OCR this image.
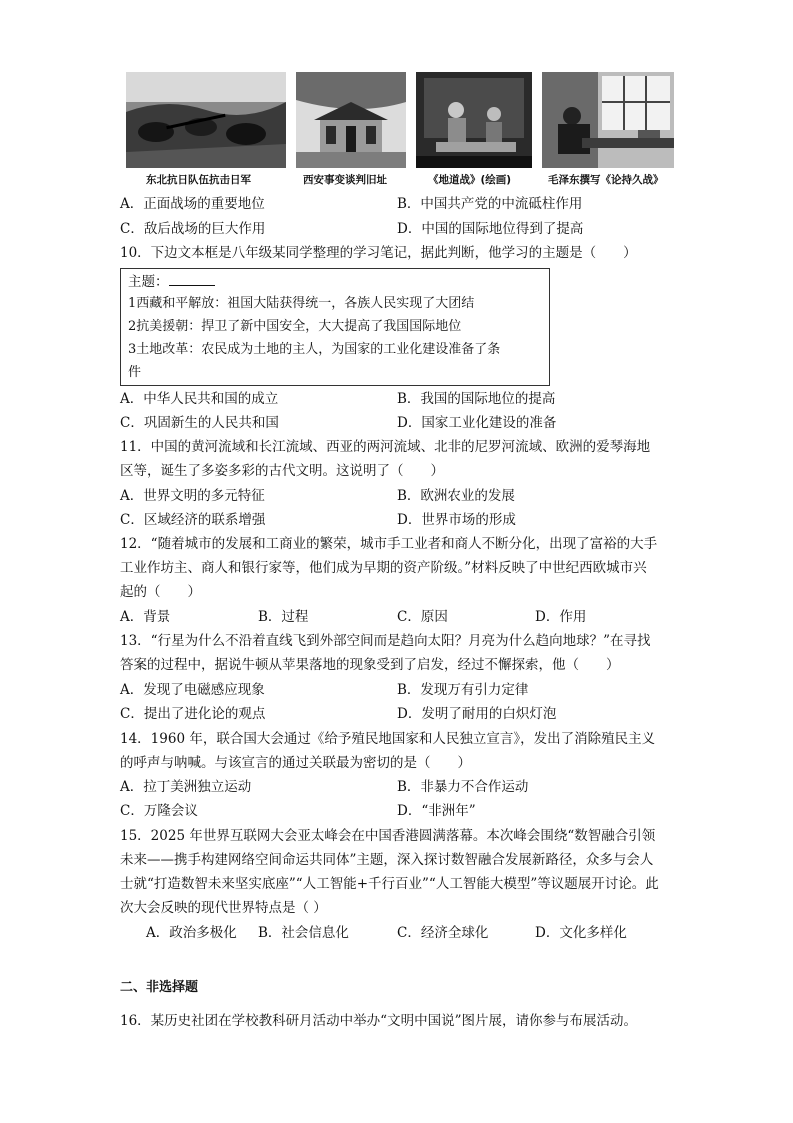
东北抗日队伍抗击日军	西安事变谈判旧址	《地道战》(绘画)	毛泽东撰写《论持久战》
A．正面战场的重要地位	B．中国共产党的中流砥柱作用
C．敌后战场的巨大作用	D．中国的国际地位得到了提高
10．下边文本框是八年级某同学整理的学习笔记，据此判断，他学习的主题是（　　）
主题：
1西藏和平解放：祖国大陆获得统一，各族人民实现了大团结
2抗美援朝：捍卫了新中国安全，大大提高了我国国际地位
3土地改革：农民成为土地的主人，为国家的工业化建设准备了条
件
A．中华人民共和国的成立	B．我国的国际地位的提高
C．巩固新生的人民共和国	D．国家工业化建设的准备
11．中国的黄河流域和长江流域、西亚的两河流域、北非的尼罗河流域、欧洲的爱琴海地
区等，诞生了多姿多彩的古代文明。这说明了（　　）
A．世界文明的多元特征	B．欧洲农业的发展
C．区域经济的联系增强	D．世界市场的形成
12．“随着城市的发展和工商业的繁荣，城市手工业者和商人不断分化，出现了富裕的大手
工业作坊主、商人和银行家等，他们成为早期的资产阶级。”材料反映了中世纪西欧城市兴
起的（　　）
A．背景	B．过程	C．原因	D．作用
13．“行星为什么不沿着直线飞到外部空间而是趋向太阳？月亮为什么趋向地球？”在寻找
答案的过程中，据说牛顿从苹果落地的现象受到了启发，经过不懈探索，他（　　）
A．发现了电磁感应现象	B．发现万有引力定律
C．提出了进化论的观点	D．发明了耐用的白炽灯泡
14．1960 年，联合国大会通过《给予殖民地国家和人民独立宣言》，发出了消除殖民主义
的呼声与呐喊。与该宣言的通过关联最为密切的是（　　）
A．拉丁美洲独立运动	B．非暴力不合作运动
C．万隆会议	D．“非洲年”
15．2025 年世界互联网大会亚太峰会在中国香港圆满落幕。本次峰会围绕“数智融合引领
未来——携手构建网络空间命运共同体”主题，深入探讨数智融合发展新路径，众多与会人
士就“打造数智未来坚实底座”“人工智能+千行百业”“人工智能大模型”等议题展开讨论。此
次大会反映的现代世界特点是（ ）
A．政治多极化 B．社会信息化	C．经济全球化	D．文化多样化
二、非选择题
16．某历史社团在学校教科研月活动中举办“文明中国说”图片展，请你参与布展活动。
